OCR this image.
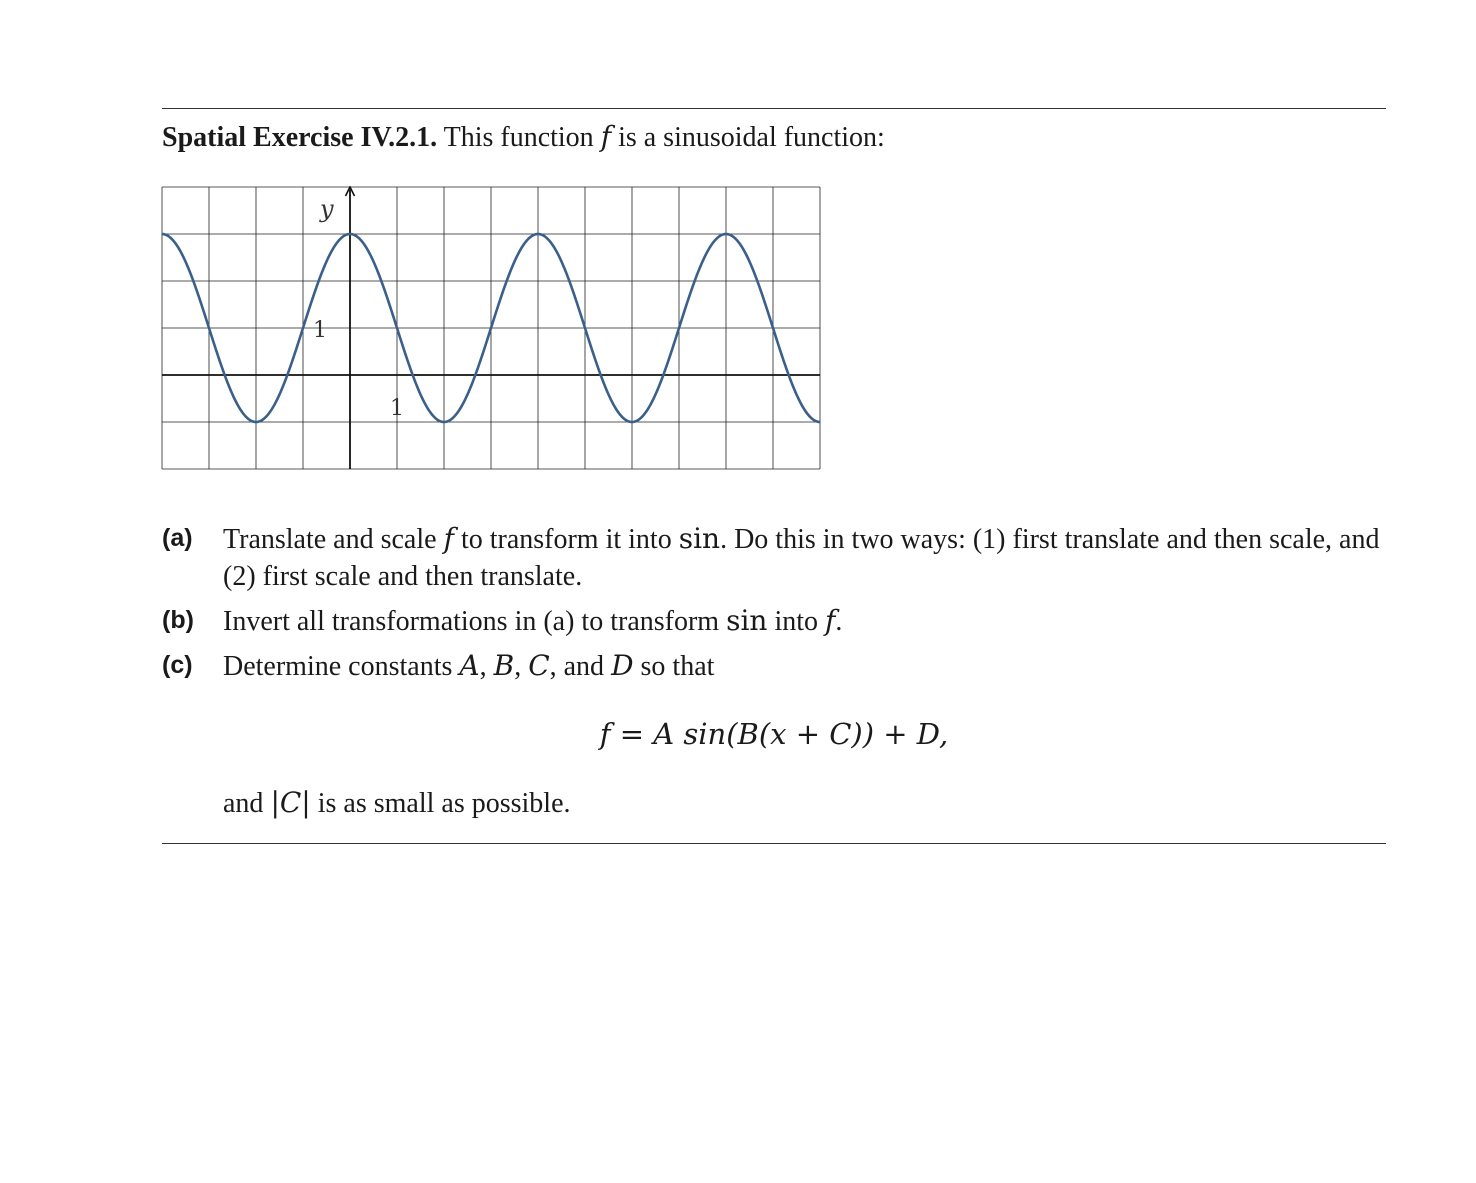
Spatial Exercise IV.2.1. This function f is a sinusoidal function:
y
1
1
(a) Translate and scale f to transform it into sin. Do this in two ways: (1) first translate and then scale, and (2) first scale and then translate.
(b) Invert all transformations in (a) to transform sin into f.
(c) Determine constants A, B, C, and D so that
f = A sin(B(x + C)) + D,
and |C| is as small as possible.
